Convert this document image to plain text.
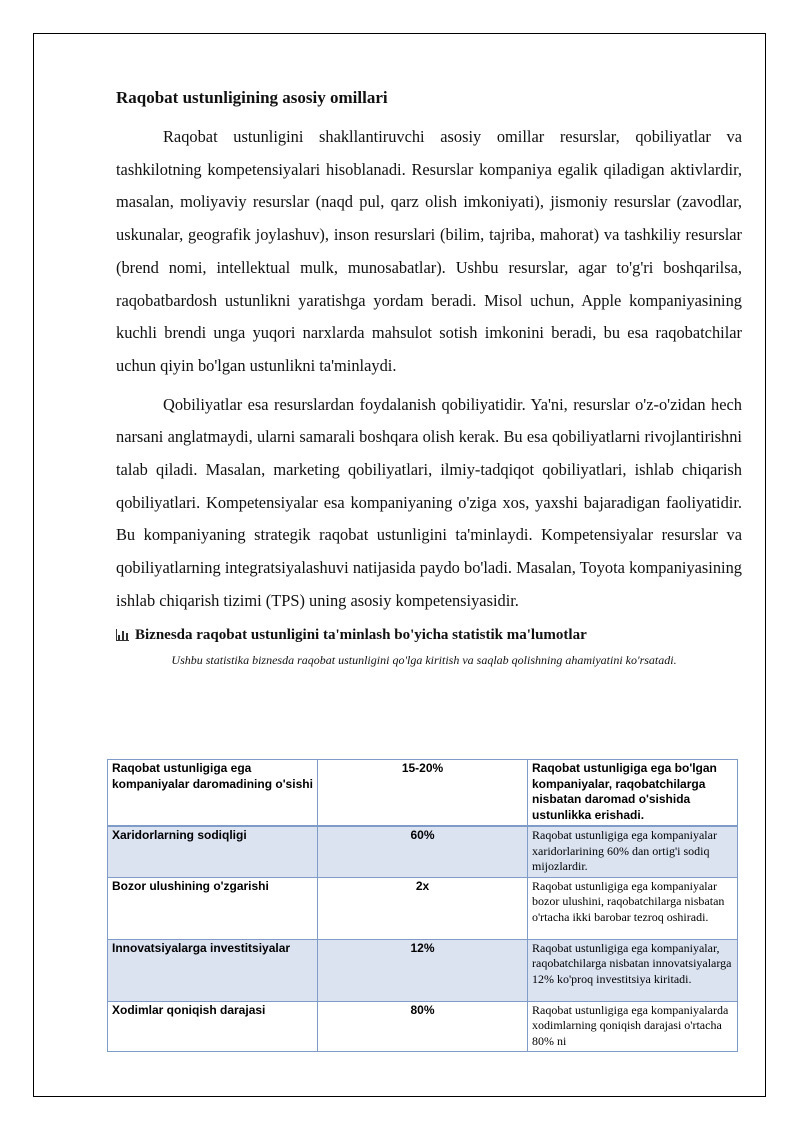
Raqobat ustunligining asosiy omillari

Raqobat ustunligini shakllantiruvchi asosiy omillar resurslar, qobiliyatlar va tashkilotning kompetensiyalari hisoblanadi. Resurslar kompaniya egalik qiladigan aktivlardir, masalan, moliyaviy resurslar (naqd pul, qarz olish imkoniyati), jismoniy resurslar (zavodlar, uskunalar, geografik joylashuv), inson resurslari (bilim, tajriba, mahorat) va tashkiliy resurslar (brend nomi, intellektual mulk, munosabatlar). Ushbu resurslar, agar to'g'ri boshqarilsa, raqobatbardosh ustunlikni yaratishga yordam beradi. Misol uchun, Apple kompaniyasining kuchli brendi unga yuqori narxlarda mahsulot sotish imkonini beradi, bu esa raqobatchilar uchun qiyin bo'lgan ustunlikni ta'minlaydi.

Qobiliyatlar esa resurslardan foydalanish qobiliyatidir. Ya'ni, resurslar o'z-o'zidan hech narsani anglatmaydi, ularni samarali boshqara olish kerak. Bu esa qobiliyatlarni rivojlantirishni talab qiladi. Masalan, marketing qobiliyatlari, ilmiy-tadqiqot qobiliyatlari, ishlab chiqarish qobiliyatlari. Kompetensiyalar esa kompaniyaning o'ziga xos, yaxshi bajaradigan faoliyatidir. Bu kompaniyaning strategik raqobat ustunligini ta'minlaydi. Kompetensiyalar resurslar va qobiliyatlarning integratsiyalashuvi natijasida paydo bo'ladi. Masalan, Toyota kompaniyasining ishlab chiqarish tizimi (TPS) uning asosiy kompetensiyasidir.

Biznesda raqobat ustunligini ta'minlash bo'yicha statistik ma'lumotlar
Ushbu statistika biznesda raqobat ustunligini qo'lga kiritish va saqlab qolishning ahamiyatini ko'rsatadi.
Raqobat ustunligiga ega kompaniyalar daromadining o'sishi	15-20%	Raqobat ustunligiga ega bo'lgan kompaniyalar, raqobatchilarga nisbatan daromad o'sishida ustunlikka erishadi.
Xaridorlarning sodiqligi	60%	Raqobat ustunligiga ega kompaniyalar xaridorlarining 60% dan ortig'i sodiq mijozlardir.
Bozor ulushining o'zgarishi	2x	Raqobat ustunligiga ega kompaniyalar bozor ulushini, raqobatchilarga nisbatan o'rtacha ikki barobar tezroq oshiradi.
Innovatsiyalarga investitsiyalar	12%	Raqobat ustunligiga ega kompaniyalar, raqobatchilarga nisbatan innovatsiyalarga 12% ko'proq investitsiya kiritadi.
Xodimlar qoniqish darajasi	80%	Raqobat ustunligiga ega kompaniyalarda xodimlarning qoniqish darajasi o'rtacha 80% ni
